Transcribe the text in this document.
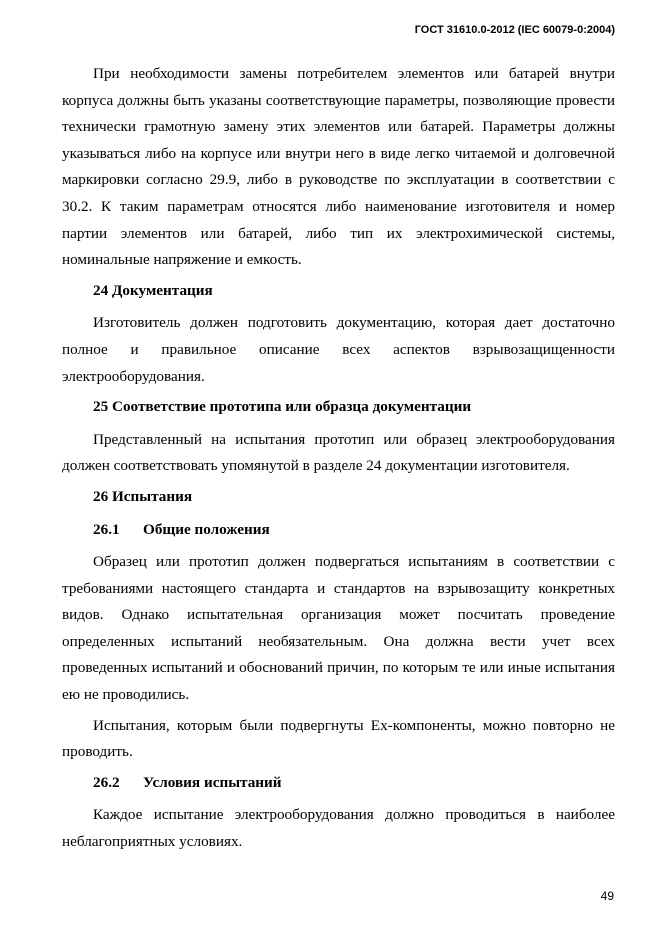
ГОСТ 31610.0-2012 (IEC 60079-0:2004)

При необходимости замены потребителем элементов или батарей внутри корпуса должны быть указаны соответствующие параметры, позволяющие провести технически грамотную замену этих элементов или батарей. Параметры должны указываться либо на корпусе или внутри него в виде легко читаемой и долговечной маркировки согласно 29.9, либо в руководстве по эксплуатации в соответствии с 30.2. К таким параметрам относятся либо наименование изготовителя и номер партии элементов или батарей, либо тип их электрохимической системы, номинальные напряжение и емкость.

24 Документация

Изготовитель должен подготовить документацию, которая дает достаточно полное и правильное описание всех аспектов взрывозащищенности электрооборудования.

25 Соответствие прототипа или образца документации

Представленный на испытания прототип или образец электрооборудования должен соответствовать упомянутой в разделе 24 документации изготовителя.

26 Испытания

26.1 Общие положения

Образец или прототип должен подвергаться испытаниям в соответствии с требованиями настоящего стандарта и стандартов на взрывозащиту конкретных видов. Однако испытательная организация может посчитать проведение определенных испытаний необязательным. Она должна вести учет всех проведенных испытаний и обоснований причин, по которым те или иные испытания ею не проводились.

Испытания, которым были подвергнуты Ex-компоненты, можно повторно не проводить.

26.2 Условия испытаний

Каждое испытание электрооборудования должно проводиться в наиболее неблагоприятных условиях.

49
